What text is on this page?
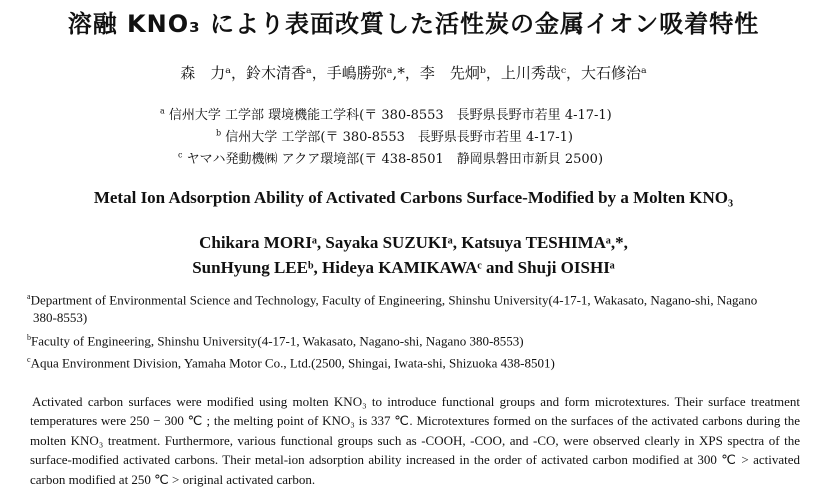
溶融 KNO₃ により表面改質した活性炭の金属イオン吸着特性
森　力ᵃ，鈴木清香ᵃ，手嶋勝弥ᵃ,*，李　先炯ᵇ，上川秀哉ᶜ，大石修治ᵃ
$^a$ 信州大学 工学部 環境機能工学科(〒 380-8553　長野県長野市若里 4-17-1)
$^b$ 信州大学 工学部(〒 380-8553　長野県長野市若里 4-17-1)
$^c$ ヤマハ発動機㈱ アクア環境部(〒 438-8501　静岡県磐田市新貝 2500)
Metal Ion Adsorption Ability of Activated Carbons Surface-Modified by a Molten KNO₃
Chikara MORIᵃ, Sayaka SUZUKIᵃ, Katsuya TESHIMAᵃ,*,
SunHyung LEEᵇ, Hideya KAMIKAWAᶜ and Shuji OISHIᵃ
$^a$Department of Environmental Science and Technology, Faculty of Engineering, Shinshu University(4-17-1, Wakasato, Nagano-shi, Nagano
380-8553)
$^b$Faculty of Engineering, Shinshu University(4-17-1, Wakasato, Nagano-shi, Nagano 380-8553)
$^c$Aqua Environment Division, Yamaha Motor Co., Ltd.(2500, Shingai, Iwata-shi, Shizuoka 438-8501)

Activated carbon surfaces were modified using molten KNO₃ to introduce functional groups and form microtextures. Their surface treatment temperatures were 250 − 300 ℃ ; the melting point of KNO₃ is 337 ℃. Microtextures formed on the surfaces of the activated carbons during the molten KNO₃ treatment. Furthermore, various functional groups such as -COOH, -COO, and -CO, were observed clearly in XPS spectra of the surface-modified activated carbons. Their metal-ion adsorption ability increased in the order of activated carbon modified at 300 ℃ > activated carbon modified at 250 ℃ > original activated carbon.
